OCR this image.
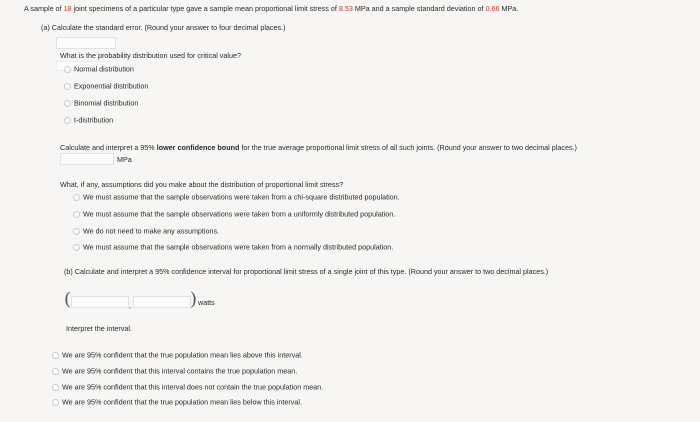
A sample of 18 joint specimens of a particular type gave a sample mean proportional limit stress of 8.53 MPa and a sample standard deviation of 0.66 MPa.
(a) Calculate the standard error. (Round your answer to four decimal places.)
What is the probability distribution used for critical value?
Normal distribution
Exponential distribution
Binomial distribution
t-distribution
Calculate and interpret a 95% lower confidence bound for the true average proportional limit stress of all such joints. (Round your answer to two decimal places.)
MPa
What, if any, assumptions did you make about the distribution of proportional limit stress?
We must assume that the sample observations were taken from a chi-square distributed population.
We must assume that the sample observations were taken from a uniformly distributed population.
We do not need to make any assumptions.
We must assume that the sample observations were taken from a normally distributed population.
(b) Calculate and interpret a 95% confidence interval for proportional limit stress of a single joint of this type. (Round your answer to two decimal places.)
(	,	) watts
Interpret the interval.
We are 95% confident that the true population mean lies above this interval.
We are 95% confident that this interval contains the true population mean.
We are 95% confident that this interval does not contain the true population mean.
We are 95% confident that the true population mean lies below this interval.
